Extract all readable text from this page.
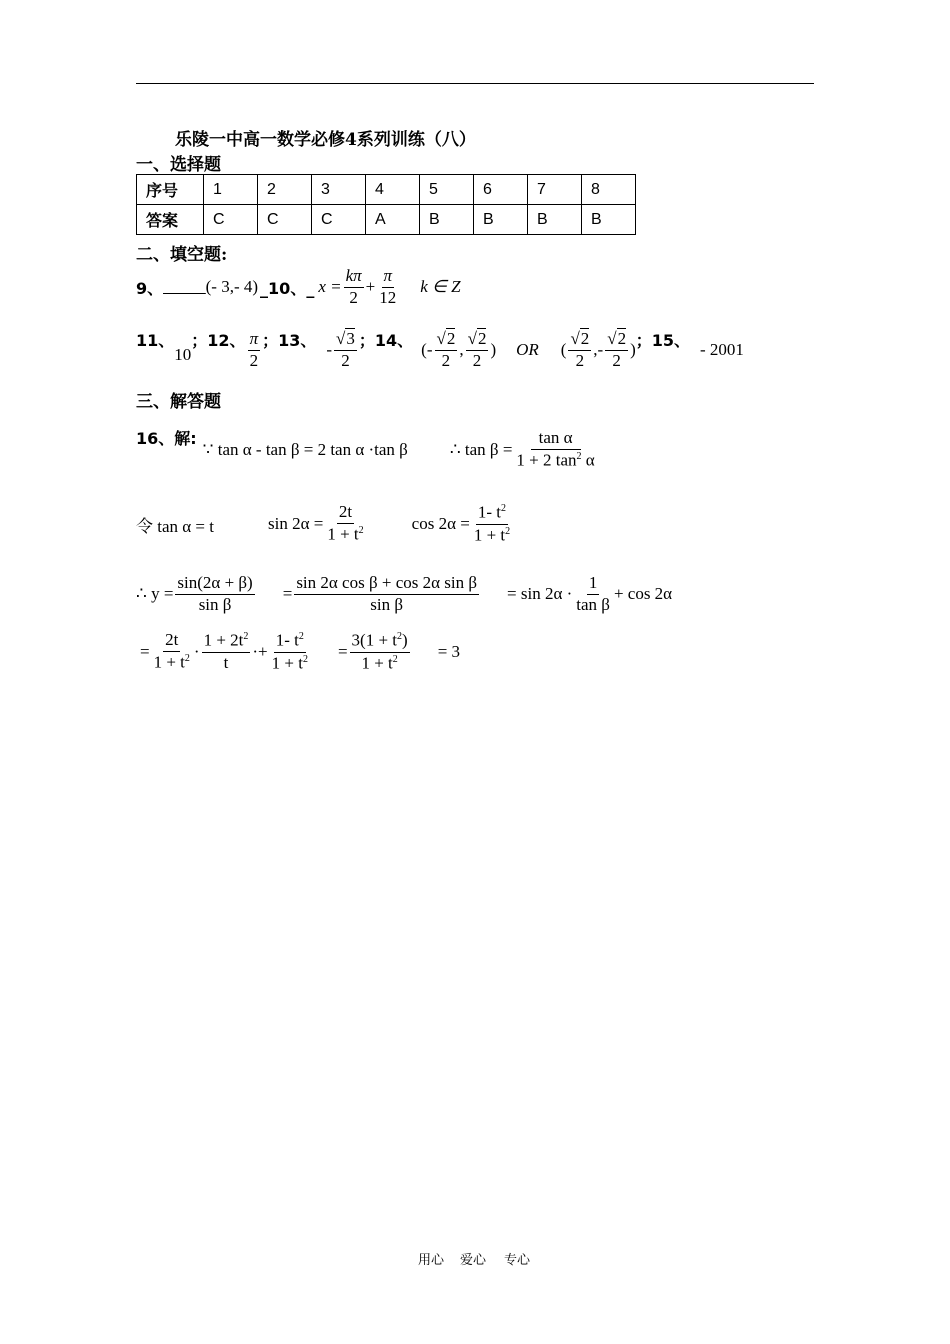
乐陵一中高一数学必修4系列训练（八）
一、选择题
序号	1	2	3	4	5	6	7	8
答案	C	C	C	A	B	B	B	B
二、填空题:
9、 _____ (- 3,- 4) _10、_ $x = \frac{k\pi}{2} + \frac{\pi}{12}$ k ∈ Z
11、
10
；12、 $\frac{\pi}{2}$ ；13、 - $\frac{√3}{2}$ ；14、 (- $\frac{√2}{2}$ , $\frac{√2}{2}$ ) OR ( $\frac{√2}{2}$ ,- $\frac{√2}{2}$ ) ；15、 - 2001
三、解答题
16、解:
∵ tan α - tan β = 2 tan α ·tan β ∴ $\tan \beta = \frac{\text{tan α}}{1 + 2 \tan^2 \alpha}$
令 tan α = t	$\sin 2\alpha = \frac{2t}{1 + t^2}$	$\cos 2\alpha = \frac{1- t^2}{1 + t^2}$
∴ $y = \frac{\sin(2\alpha + \beta)}{\text{sin β}} = \frac{\text{sin 2α cos β + cos 2α sin β}}{\text{sin β}} = \sin 2\alpha \cdot \frac{1}{\text{tan β}} + \cos 2\alpha$
= $\frac{2t}{1 + t^2} \cdot \frac{1 + 2t^2}{t} \cdot+ \frac{1- t^2}{1 + t^2} = \frac{3(1 + t^2)}{1 + t^2} = 3$
用心 爱心 专心
